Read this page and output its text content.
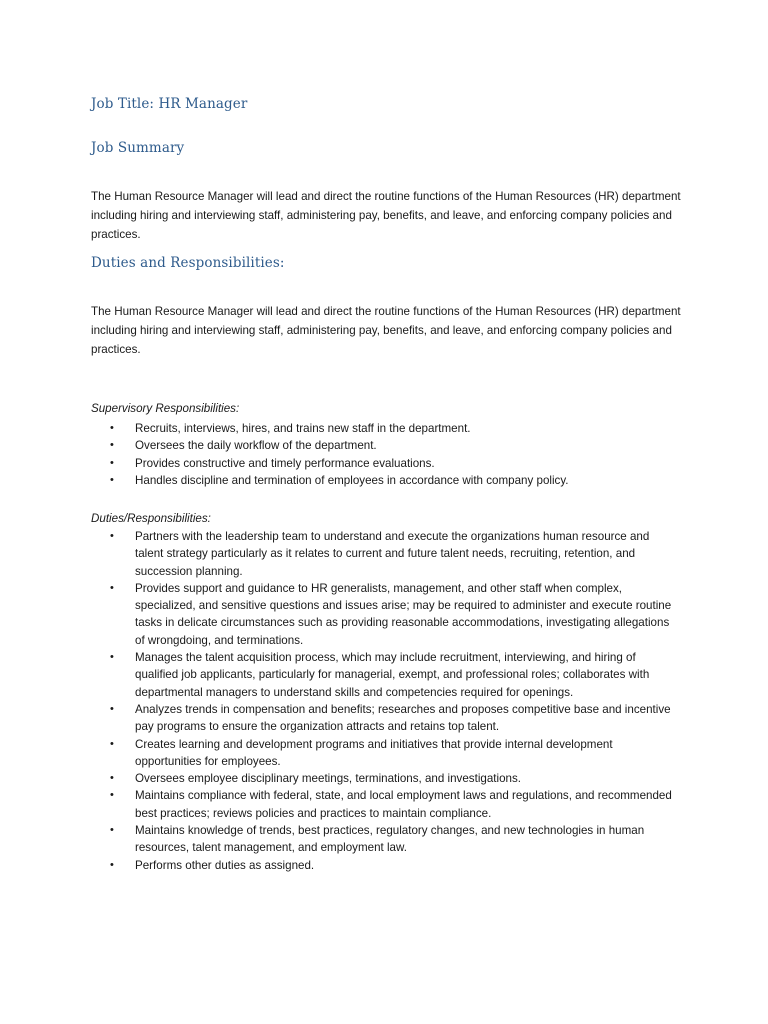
Job Title: HR Manager
Job Summary

The Human Resource Manager will lead and direct the routine functions of the Human Resources (HR) department including hiring and interviewing staff, administering pay, benefits, and leave, and enforcing company policies and practices.

Duties and Responsibilities:

The Human Resource Manager will lead and direct the routine functions of the Human Resources (HR) department including hiring and interviewing staff, administering pay, benefits, and leave, and enforcing company policies and practices.

Supervisory Responsibilities:

• Recruits, interviews, hires, and trains new staff in the department.
• Oversees the daily workflow of the department.
• Provides constructive and timely performance evaluations.
• Handles discipline and termination of employees in accordance with company policy.

Duties/Responsibilities:

• Partners with the leadership team to understand and execute the organizations human resource and talent strategy particularly as it relates to current and future talent needs, recruiting, retention, and succession planning.
• Provides support and guidance to HR generalists, management, and other staff when complex, specialized, and sensitive questions and issues arise; may be required to administer and execute routine tasks in delicate circumstances such as providing reasonable accommodations, investigating allegations of wrongdoing, and terminations.
• Manages the talent acquisition process, which may include recruitment, interviewing, and hiring of qualified job applicants, particularly for managerial, exempt, and professional roles; collaborates with departmental managers to understand skills and competencies required for openings.
• Analyzes trends in compensation and benefits; researches and proposes competitive base and incentive pay programs to ensure the organization attracts and retains top talent.
• Creates learning and development programs and initiatives that provide internal development opportunities for employees.
• Oversees employee disciplinary meetings, terminations, and investigations.
• Maintains compliance with federal, state, and local employment laws and regulations, and recommended best practices; reviews policies and practices to maintain compliance.
• Maintains knowledge of trends, best practices, regulatory changes, and new technologies in human resources, talent management, and employment law.
• Performs other duties as assigned.
